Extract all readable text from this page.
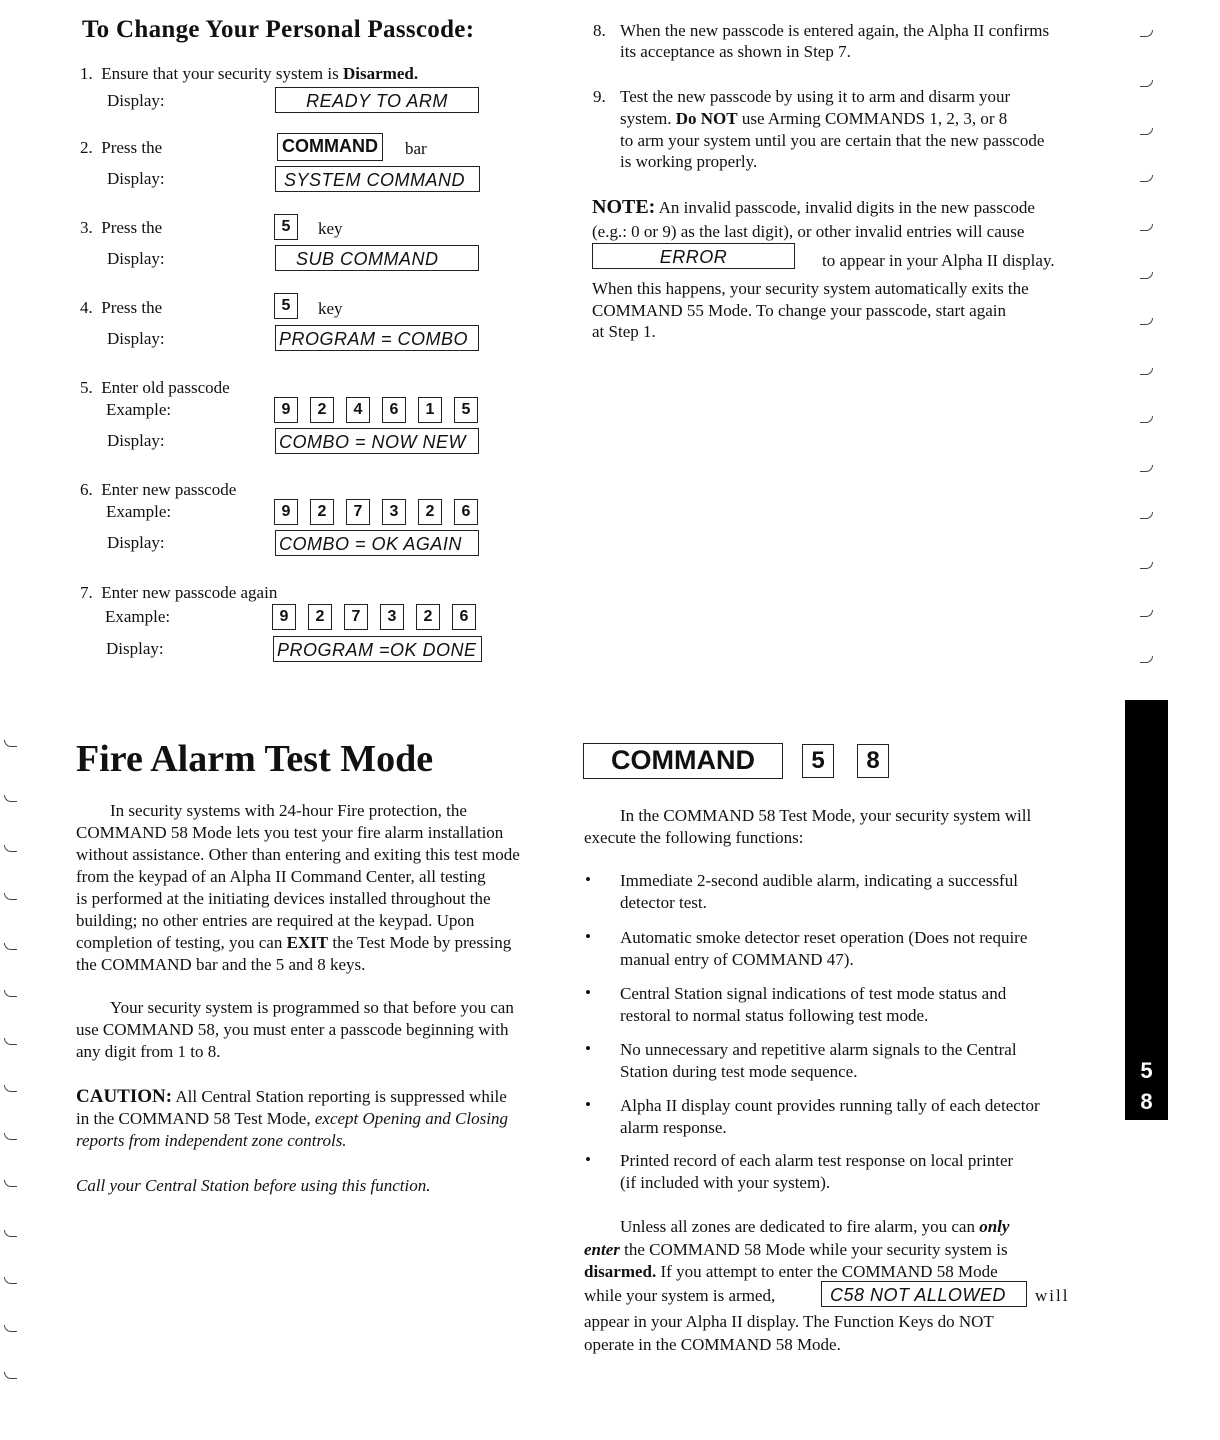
To Change Your Personal Passcode:
1. Ensure that your security system is Disarmed.
Display:	READY TO ARM
2. Press the	COMMAND bar
Display:	SYSTEM COMMAND
3. Press the	5	key
Display:	SUB COMMAND
4. Press the	5	key
Display:	PROGRAM = COMBO
5. Enter old passcode
Example:	9	2	4	6	1	5
Display:	COMBO = NOW NEW
6. Enter new passcode
Example:	9	2	7	3	2	6
Display:	COMBO = OK AGAIN
7. Enter new passcode again
Example:	9	2	7	3	2	6
Display:	PROGRAM =OK DONE
8. When the new passcode is entered again, the Alpha II confirms
its acceptance as shown in Step 7.
9. Test the new passcode by using it to arm and disarm your
system. Do NOT use Arming COMMANDS 1, 2, 3, or 8
to arm your system until you are certain that the new passcode
is working properly.
NOTE: An invalid passcode, invalid digits in the new passcode
(e.g.: 0 or 9) as the last digit), or other invalid entries will cause
ERROR	to appear in your Alpha II display.
When this happens, your security system automatically exits the
COMMAND 55 Mode. To change your passcode, start again
at Step 1.
Fire Alarm Test Mode
In security systems with 24-hour Fire protection, the
COMMAND 58 Mode lets you test your fire alarm installation
without assistance. Other than entering and exiting this test mode
from the keypad of an Alpha II Command Center, all testing
is performed at the initiating devices installed throughout the
building; no other entries are required at the keypad. Upon
completion of testing, you can EXIT the Test Mode by pressing
the COMMAND bar and the 5 and 8 keys.
Your security system is programmed so that before you can
use COMMAND 58, you must enter a passcode beginning with
any digit from 1 to 8.
CAUTION: All Central Station reporting is suppressed while
in the COMMAND 58 Test Mode, except Opening and Closing
reports from independent zone controls.
Call your Central Station before using this function.
COMMAND	5	8
In the COMMAND 58 Test Mode, your security system will
execute the following functions:
• Immediate 2-second audible alarm, indicating a successful
detector test.
• Automatic smoke detector reset operation (Does not require
manual entry of COMMAND 47).
• Central Station signal indications of test mode status and
restoral to normal status following test mode.
• No unnecessary and repetitive alarm signals to the Central
Station during test mode sequence.
• Alpha II display count provides running tally of each detector
alarm response.
• Printed record of each alarm test response on local printer
(if included with your system).
Unless all zones are dedicated to fire alarm, you can only
enter the COMMAND 58 Mode while your security system is
disarmed. If you attempt to enter the COMMAND 58 Mode
while your system is armed,	C58 NOT ALLOWED	will
appear in your Alpha II display. The Function Keys do NOT
operate in the COMMAND 58 Mode.
5
8
